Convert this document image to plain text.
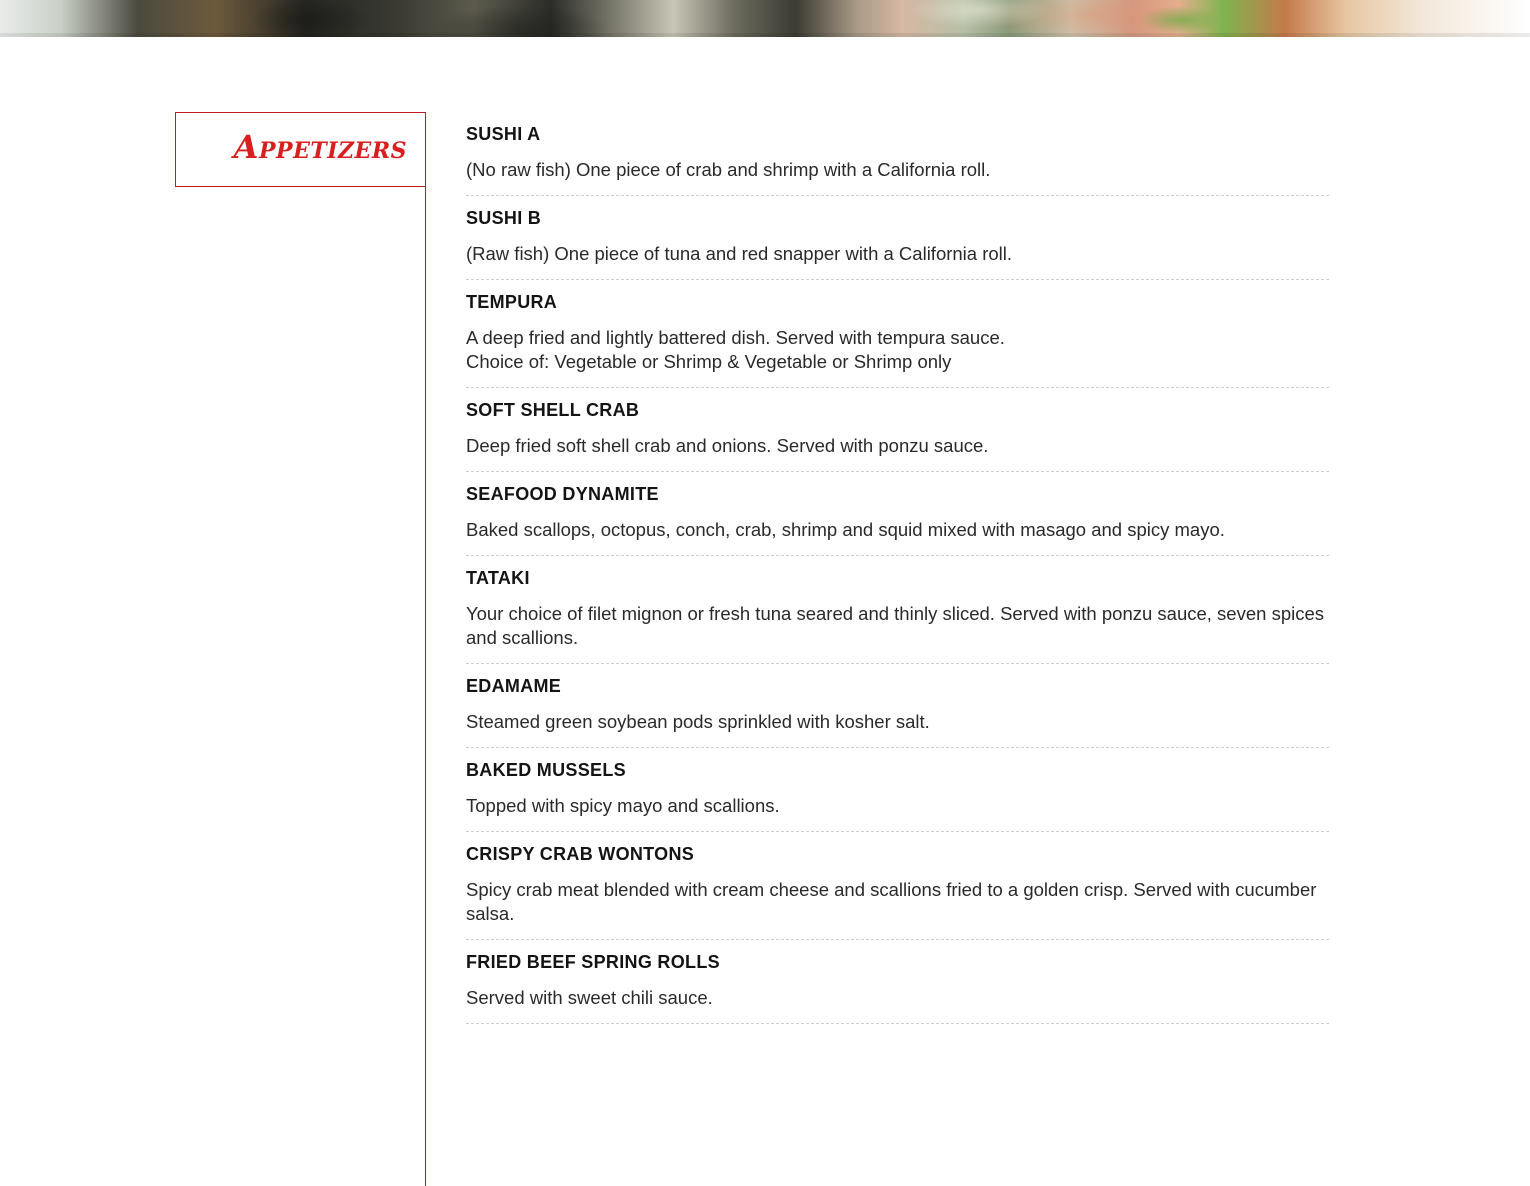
Appetizers	SUSHI A

(No raw fish) One piece of crab and shrimp with a California roll.

SUSHI B

(Raw fish) One piece of tuna and red snapper with a California roll.

TEMPURA

A deep fried and lightly battered dish. Served with tempura sauce.
Choice of: Vegetable or Shrimp & Vegetable or Shrimp only

SOFT SHELL CRAB

Deep fried soft shell crab and onions. Served with ponzu sauce.

SEAFOOD DYNAMITE

Baked scallops, octopus, conch, crab, shrimp and squid mixed with masago and spicy mayo.

TATAKI

Your choice of filet mignon or fresh tuna seared and thinly sliced. Served with ponzu sauce, seven spices and scallions.

EDAMAME

Steamed green soybean pods sprinkled with kosher salt.

BAKED MUSSELS

Topped with spicy mayo and scallions.

CRISPY CRAB WONTONS

Spicy crab meat blended with cream cheese and scallions fried to a golden crisp. Served with cucumber salsa.

FRIED BEEF SPRING ROLLS

Served with sweet chili sauce.
